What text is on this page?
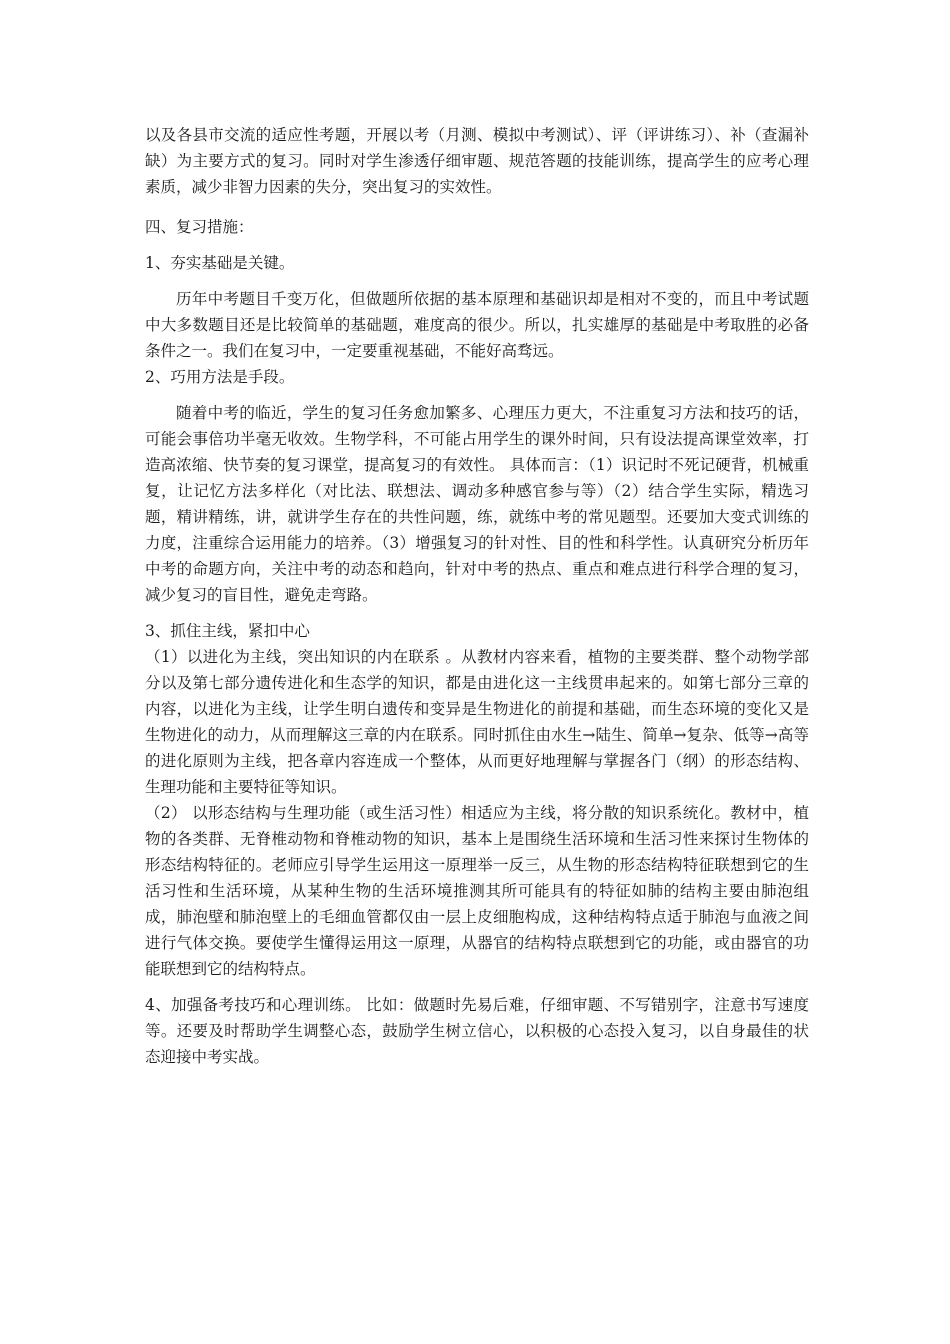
以及各县市交流的适应性考题，开展以考（月测、模拟中考测试）、评（评讲练习）、补（查漏补缺）为主要方式的复习。同时对学生渗透仔细审题、规范答题的技能训练，提高学生的应考心理素质，减少非智力因素的失分，突出复习的实效性。

四、复习措施：

1、夯实基础是关键。

历年中考题目千变万化，但做题所依据的基本原理和基础识却是相对不变的，而且中考试题中大多数题目还是比较简单的基础题，难度高的很少。所以，扎实雄厚的基础是中考取胜的必备条件之一。我们在复习中，一定要重视基础，不能好高骛远。

2、巧用方法是手段。

随着中考的临近，学生的复习任务愈加繁多、心理压力更大，不注重复习方法和技巧的话，可能会事倍功半毫无收效。生物学科，不可能占用学生的课外时间，只有设法提高课堂效率，打造高浓缩、快节奏的复习课堂，提高复习的有效性。 具体而言：（1）识记时不死记硬背，机械重复，让记忆方法多样化（对比法、联想法、调动多种感官参与等）（2）结合学生实际，精选习题，精讲精练，讲，就讲学生存在的共性问题，练，就练中考的常见题型。还要加大变式训练的力度，注重综合运用能力的培养。（3）增强复习的针对性、目的性和科学性。认真研究分析历年中考的命题方向，关注中考的动态和趋向，针对中考的热点、重点和难点进行科学合理的复习，减少复习的盲目性，避免走弯路。

3、抓住主线，紧扣中心

（1）以进化为主线，突出知识的内在联系 。从教材内容来看，植物的主要类群、整个动物学部分以及第七部分遗传进化和生态学的知识，都是由进化这一主线贯串起来的。如第七部分三章的内容，以进化为主线，让学生明白遗传和变异是生物进化的前提和基础，而生态环境的变化又是生物进化的动力，从而理解这三章的内在联系。同时抓住由水生→陆生、简单→复杂、低等→高等的进化原则为主线，把各章内容连成一个整体，从而更好地理解与掌握各门（纲）的形态结构、生理功能和主要特征等知识。

（2） 以形态结构与生理功能（或生活习性）相适应为主线，将分散的知识系统化。教材中，植物的各类群、无脊椎动物和脊椎动物的知识，基本上是围绕生活环境和生活习性来探讨生物体的形态结构特征的。老师应引导学生运用这一原理举一反三，从生物的形态结构特征联想到它的生活习性和生活环境，从某种生物的生活环境推测其所可能具有的特征如肺的结构主要由肺泡组成，肺泡壁和肺泡壁上的毛细血管都仅由一层上皮细胞构成，这种结构特点适于肺泡与血液之间进行气体交换。要使学生懂得运用这一原理，从器官的结构特点联想到它的功能，或由器官的功能联想到它的结构特点。

4、加强备考技巧和心理训练。 比如：做题时先易后难，仔细审题、不写错别字，注意书写速度等。还要及时帮助学生调整心态，鼓励学生树立信心，以积极的心态投入复习，以自身最佳的状态迎接中考实战。
